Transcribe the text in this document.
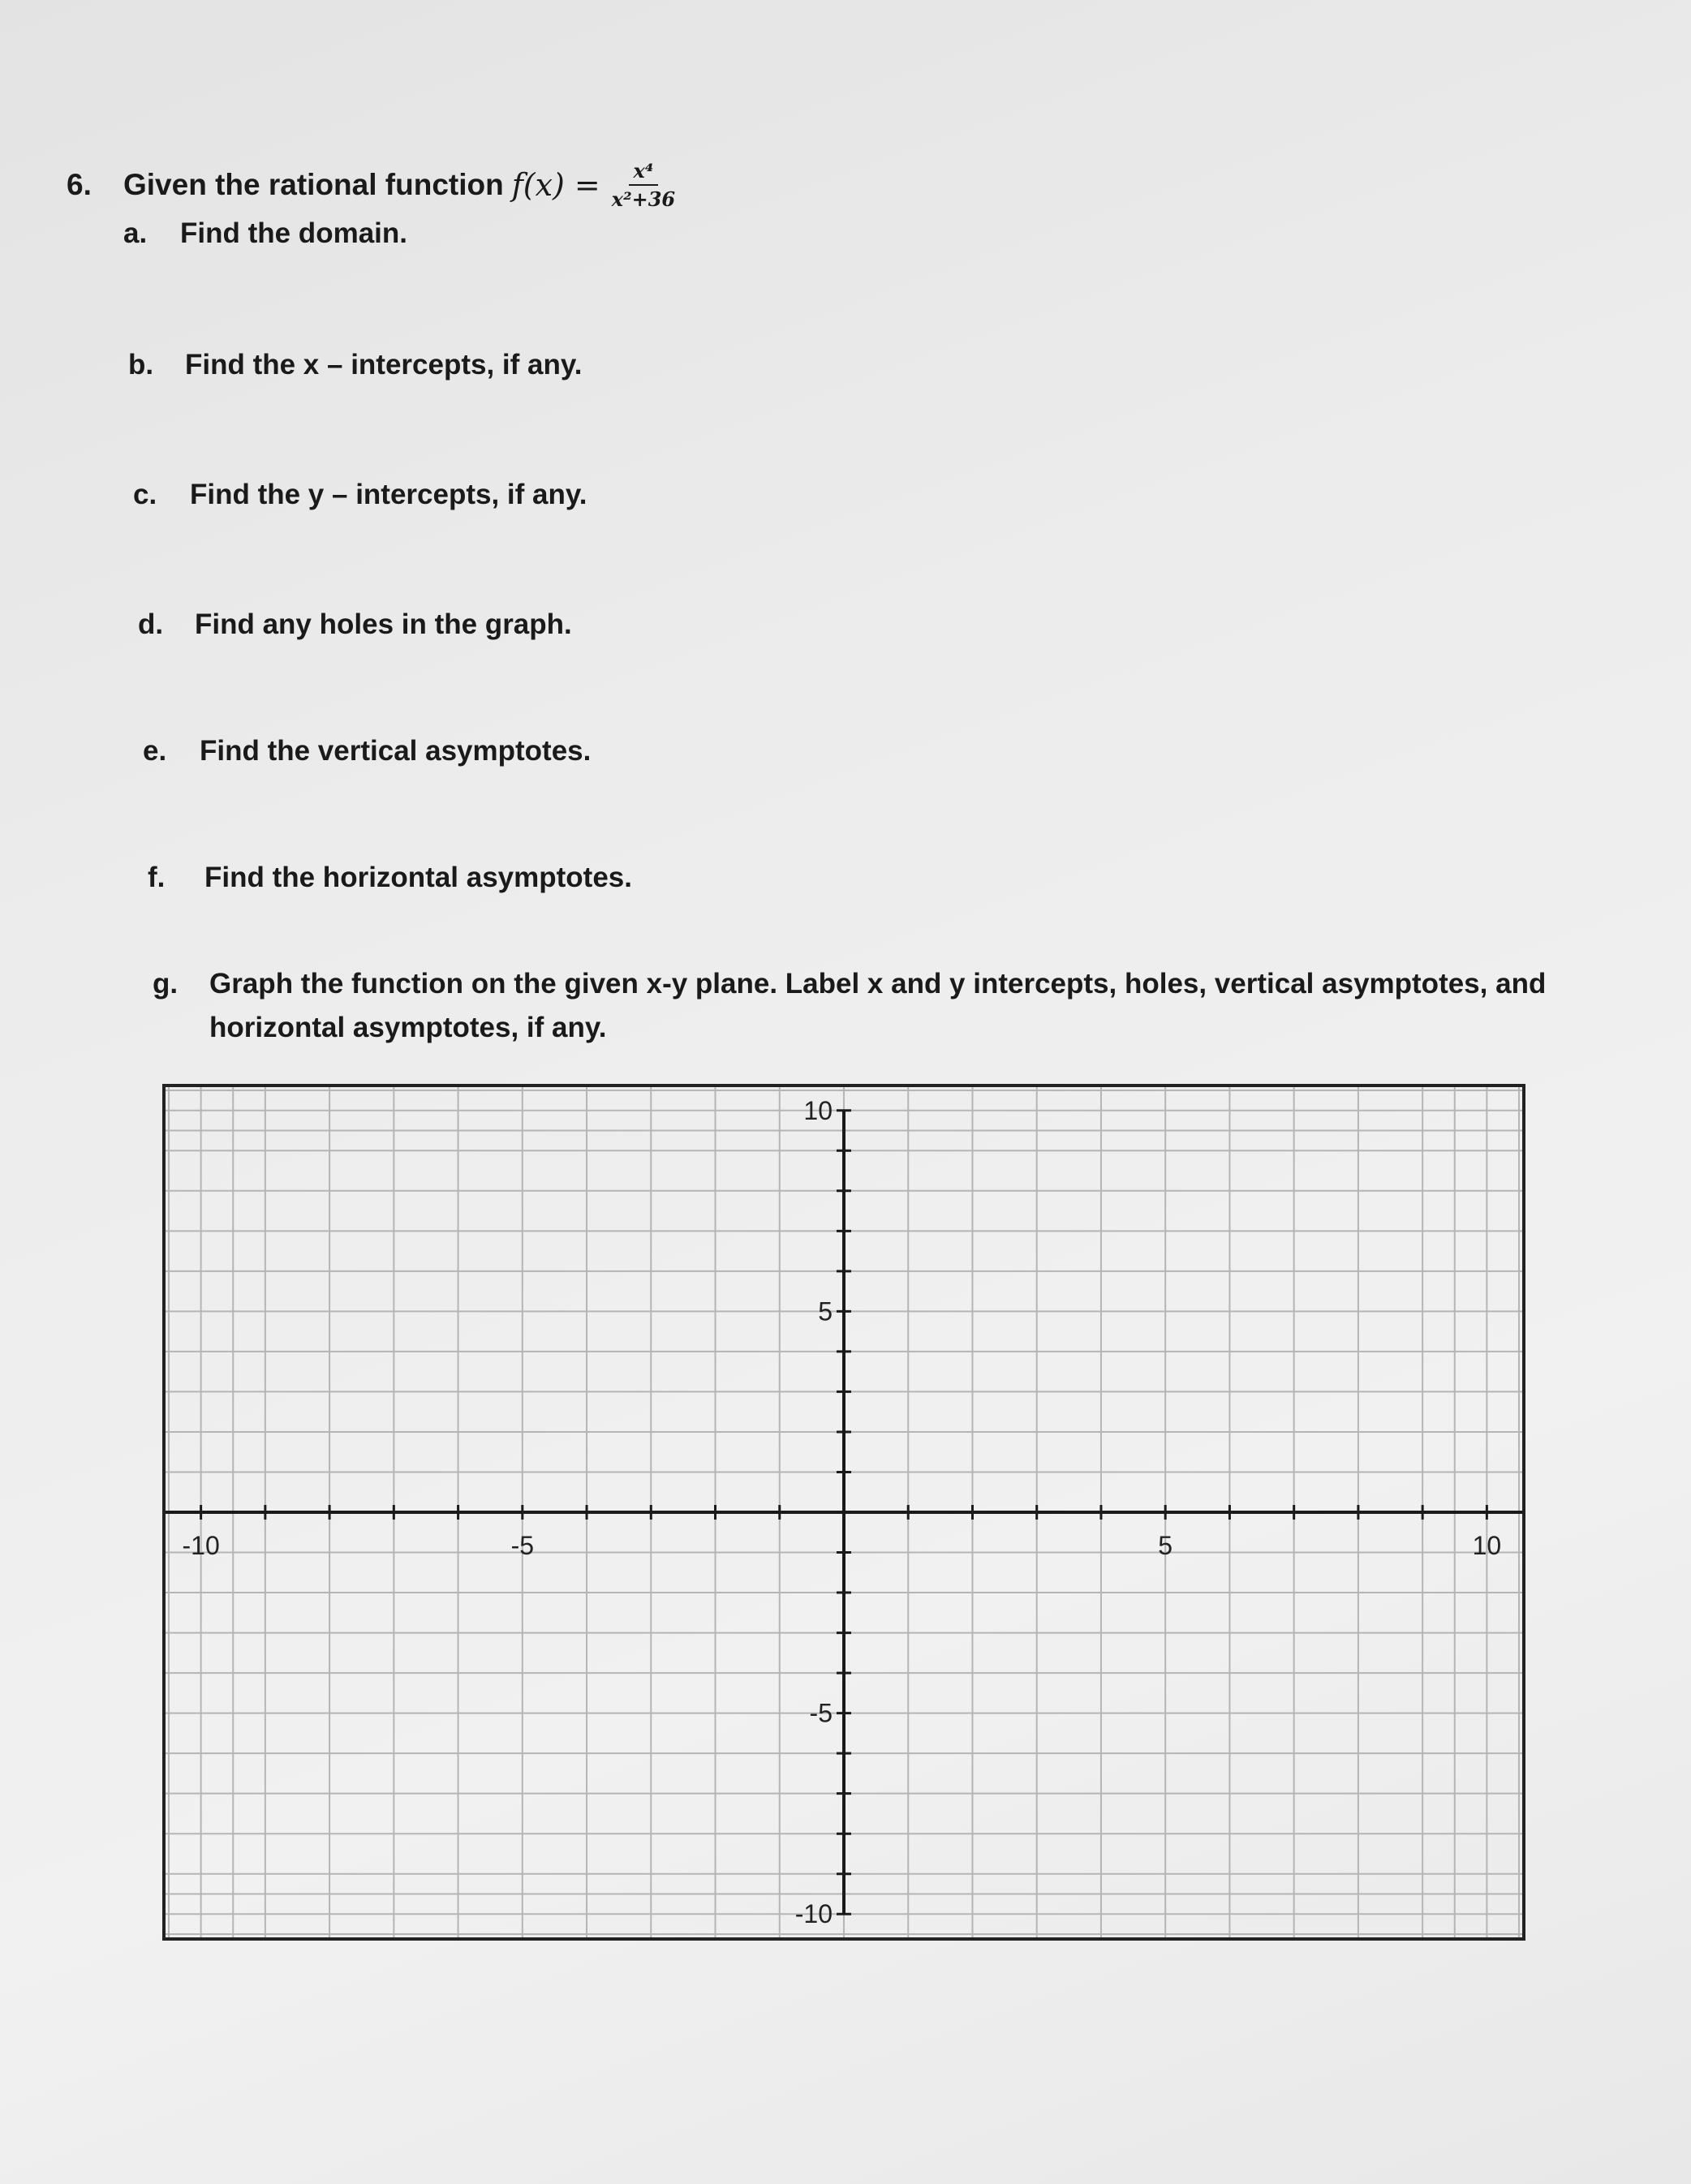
6.	Given the rational function $f(x) = \frac{\text{x⁴}}{\text{x²+36}}$
a. Find the domain.
b. Find the x – intercepts, if any.
c. Find the y – intercepts, if any.
d. Find any holes in the graph.
e. Find the vertical asymptotes.
f. Find the horizontal asymptotes.
g.	Graph the function on the given x-y plane. Label x and y intercepts, holes, vertical asymptotes, and horizontal asymptotes, if any.
-10	-5	5	10
10
5
-5
-10
